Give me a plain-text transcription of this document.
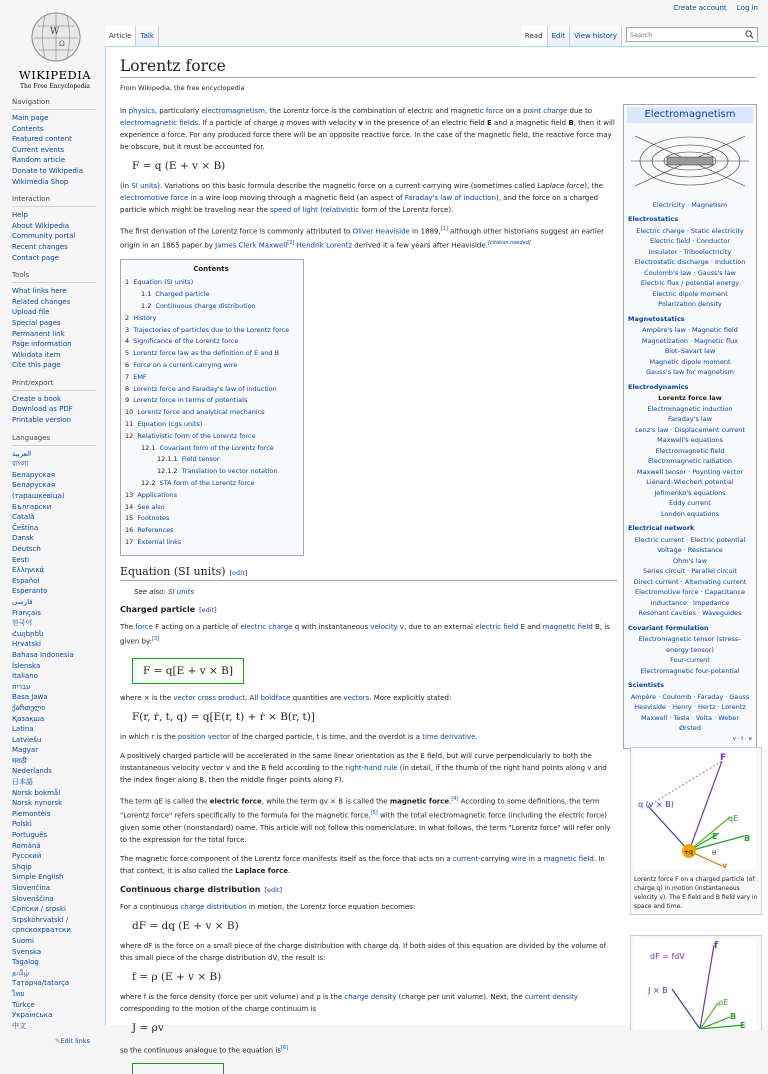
W
Ω
WIKIPEDIA
The Free Encyclopedia
Navigation
Main page
Contents
Featured content
Current events
Random article
Donate to Wikipedia
Wikimedia Shop
Interaction
Help
About Wikipedia
Community portal
Recent changes
Contact page
Tools
What links here
Related changes
Upload file
Special pages
Permanent link
Page information
Wikidata item
Cite this page
Print/export
Create a book
Download as PDF
Printable version
Languages
العربية
বাংলা
Беларуская
Беларуская (тарашкевіца)
Български
Català
Čeština
Dansk
Deutsch
Eesti
Ελληνικά
Español
Esperanto
فارسی
Français
한국어
Հայերեն
Hrvatski
Bahasa Indonesia
Íslenska
Italiano
עברית
Basa Jawa
ქართული
Қазақша
Latina
Latviešu
Magyar
मराठी
Nederlands
日本語
Norsk bokmål
Norsk nynorsk
Piemontèis
Polski
Português
Română
Русский
Shqip
Simple English
Slovenčina
Slovenščina
Српски / srpski
Srpskohrvatski / српскохрватски
Suomi
Svenska
Tagalog
தமிழ்
Татарча/tatarça
ไทย
Türkçe
Українська
中文
✎Edit links
Create account Log in
Article	Talk	Read	Edit	View history
Search
Lorentz force
From Wikipedia, the free encyclopedia

In physics, particularly electromagnetism, the Lorentz force is the combination of electric and magnetic force on a point charge due to electromagnetic fields. If a particle of charge q moves with velocity v in the presence of an electric field E and a magnetic field B, then it will experience a force. For any produced force there will be an opposite reactive force. In the case of the magnetic field, the reactive force may be obscure, but it must be accounted for.

F = q (E + v × B)

(in SI units). Variations on this basic formula describe the magnetic force on a current-carrying wire (sometimes called Laplace force), the electromotive force in a wire loop moving through a magnetic field (an aspect of Faraday's law of induction), and the force on a charged particle which might be traveling near the speed of light (relativistic form of the Lorentz force).

The first derivation of the Lorentz force is commonly attributed to Oliver Heaviside in 1889,[1] although other historians suggest an earlier origin in an 1865 paper by James Clerk Maxwell[2] Hendrik Lorentz derived it a few years after Heaviside.[citation needed]

Contents
1 Equation (SI units)
1.1 Charged particle
1.2 Continuous charge distribution
2 History
3 Trajectories of particles due to the Lorentz force
4 Significance of the Lorentz force
5 Lorentz force law as the definition of E and B
6 Force on a current-carrying wire
7 EMF
8 Lorentz force and Faraday's law of induction
9 Lorentz force in terms of potentials
10 Lorentz force and analytical mechanics
11 Equation (cgs units)
12 Relativistic form of the Lorentz force
12.1 Covariant form of the Lorentz force
12.1.1 Field tensor
12.1.2 Translation to vector notation
12.2 STA form of the Lorentz force
13 Applications
14 See also
15 Footnotes
16 References
17 External links
Equation (SI units) [edit]
See also: SI units
Charged particle [edit]

The force F acting on a particle of electric charge q with instantaneous velocity v, due to an external electric field E and magnetic field B, is given by:[3]

F = q[E + v × B]

where × is the vector cross product. All boldface quantities are vectors. More explicitly stated:

F(r, ṙ, t, q) = q[E(r, t) + ṙ × B(r, t)]

in which r is the position vector of the charged particle, t is time, and the overdot is a time derivative.

A positively charged particle will be accelerated in the same linear orientation as the E field, but will curve perpendicularly to both the instantaneous velocity vector v and the B field according to the right-hand rule (in detail, if the thumb of the right hand points along v and the index finger along B, then the middle finger points along F).

The term qE is called the electric force, while the term qv × B is called the magnetic force.[4] According to some definitions, the term "Lorentz force" refers specifically to the formula for the magnetic force,[5] with the total electromagnetic force (including the electric force) given some other (nonstandard) name. This article will not follow this nomenclature: In what follows, the term "Lorentz force" will refer only to the expression for the total force.

The magnetic force component of the Lorentz force manifests itself as the force that acts on a current-carrying wire in a magnetic field. In that context, it is also called the Laplace force.

Continuous charge distribution [edit]

For a continuous charge distribution in motion, the Lorentz force equation becomes:

dF = dq (E + v × B)

where dF is the force on a small piece of the charge distribution with charge dq. If both sides of this equation are divided by the volume of this small piece of the charge distribution dV, the result is:

f = ρ (E + v × B)

where f is the force density (force per unit volume) and ρ is the charge density (charge per unit volume). Next, the current density corresponding to the motion of the charge continuum is

J = ρv

so the continuous analogue to the equation is[6]

Electromagnetism
Electricity · Magnetism
Electrostatics
Electric charge · Static electricity
Electric field · Conductor
Insulator · Triboelectricity
Electrostatic discharge · Induction
Coulomb's law · Gauss's law
Electric flux / potential energy
Electric dipole moment
Polarization density
Magnetostatics
Ampère's law · Magnetic field
Magnetization · Magnetic flux
Biot–Savart law
Magnetic dipole moment
Gauss's law for magnetism
Electrodynamics
Lorentz force law
Electromagnetic induction
Faraday's law
Lenz's law · Displacement current
Maxwell's equations
Electromagnetic field
Electromagnetic radiation
Maxwell tensor · Poynting vector
Liénard–Wiechert potential
Jefimenko's equations
Eddy current
London equations
Electrical network
Electric current · Electric potential
Voltage · Resistance
Ohm's law
Series circuit · Parallel circuit
Direct current · Alternating current
Electromotive force · Capacitance
Inductance · Impedance
Resonant cavities · Waveguides
Covariant formulation
Electromagnetic tensor (stress–energy tensor)
Four-current
Electromagnetic four-potential
Scientists
Ampère · Coulomb · Faraday · Gauss
Heaviside · Henry · Hertz · Lorentz
Maxwell · Tesla · Volta · Weber
Ørsted
v · t · e
+q
F
q (v × B)
qE
E	B
θ
v
Lorentz force F on a charged particle (of charge q) in motion (instantaneous velocity v). The E field and B field vary in space and time.
dF = fdV
f
J × B
ρE
B
E
